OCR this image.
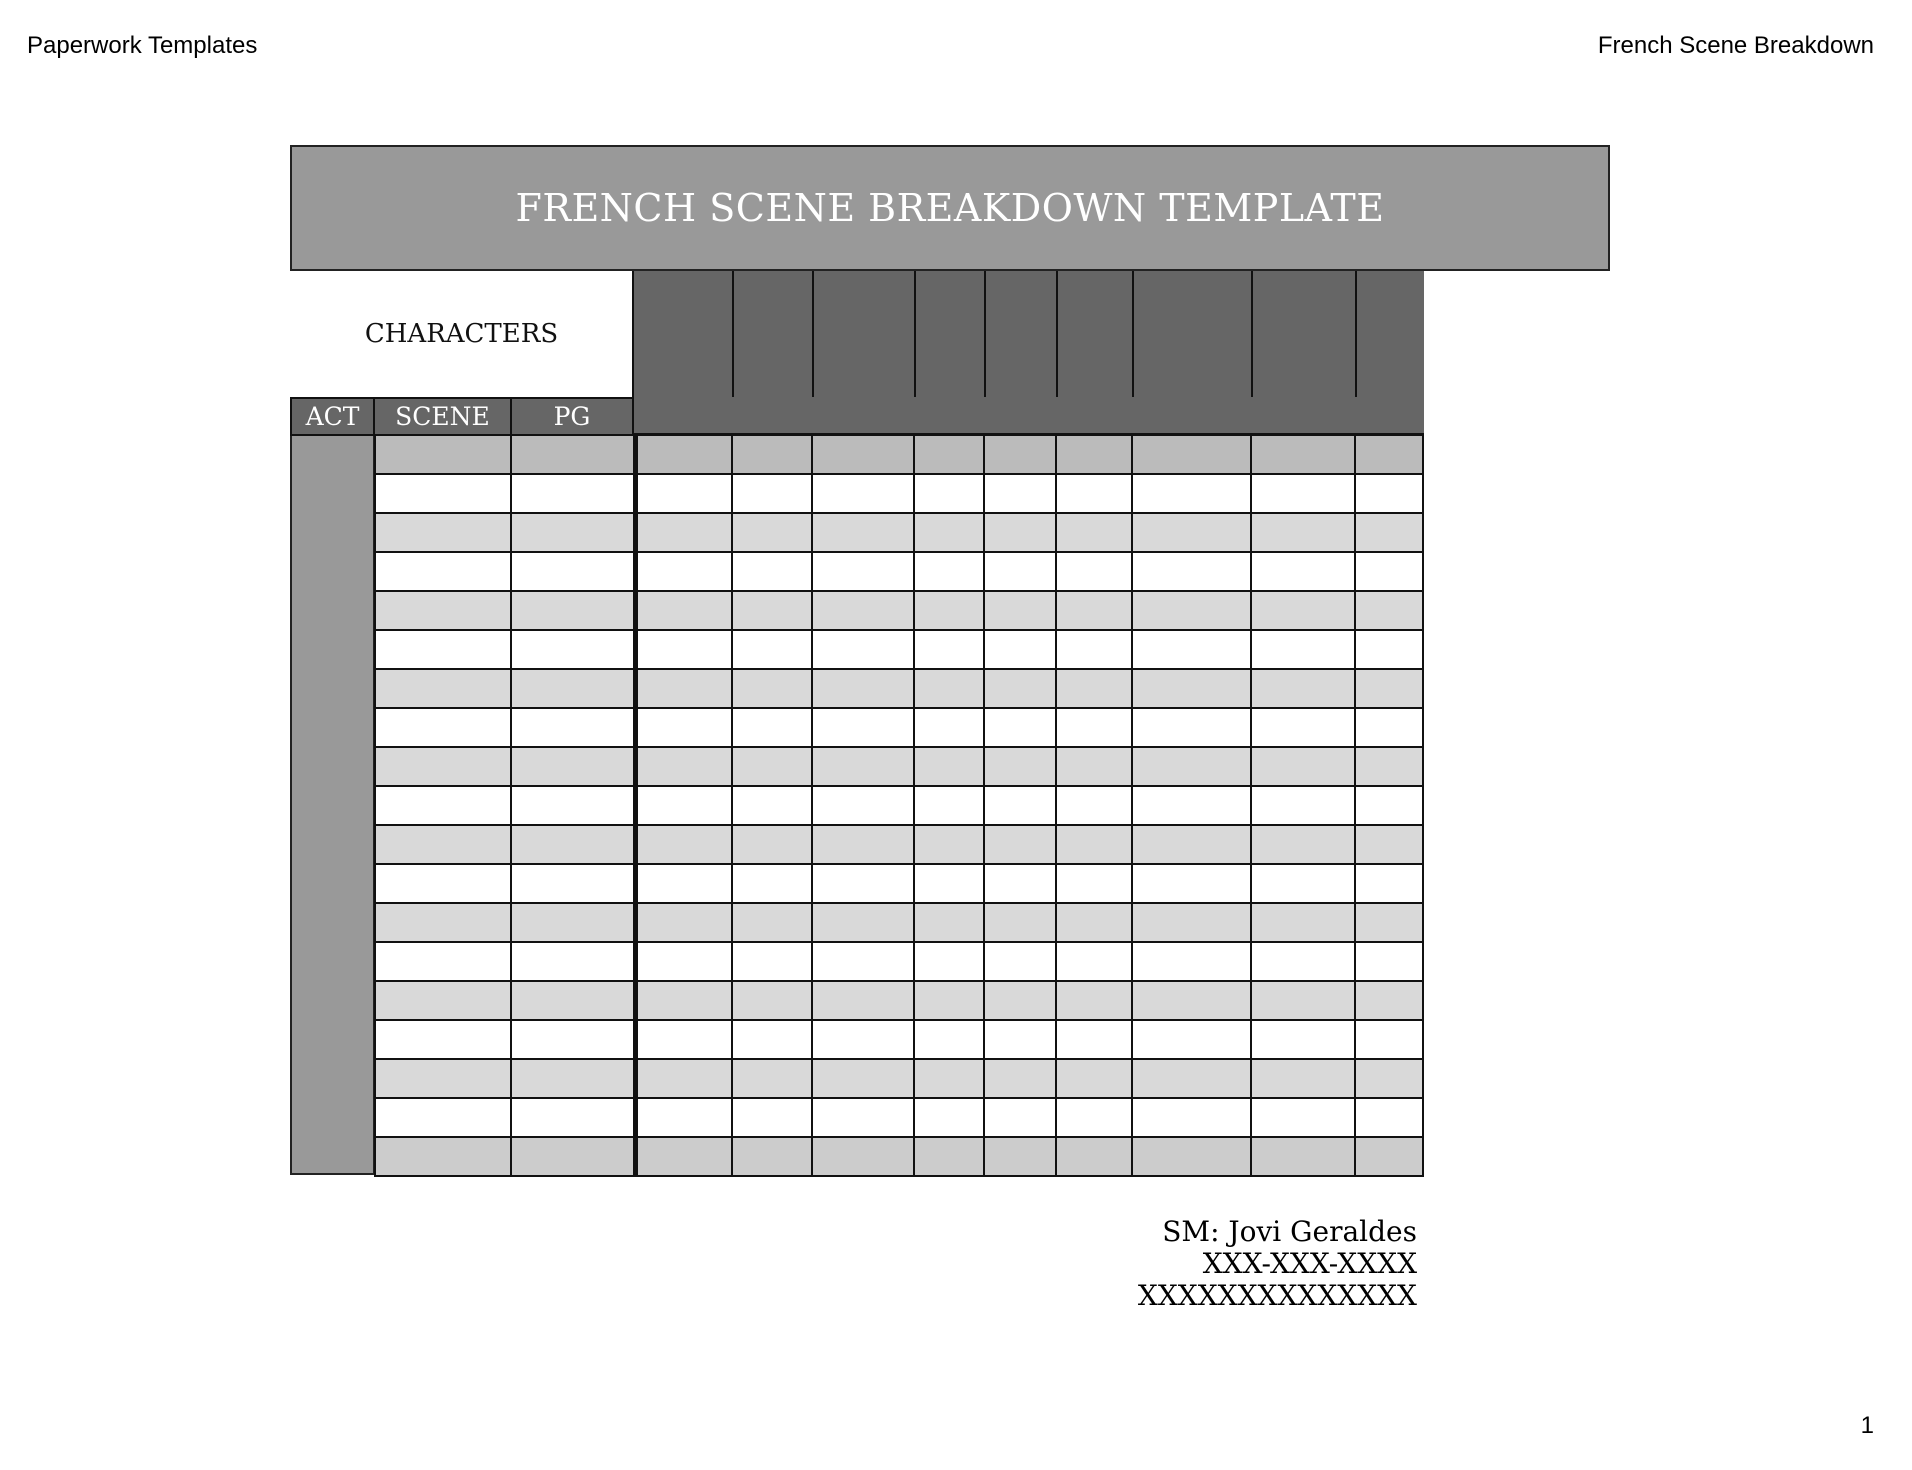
Paperwork Templates	French Scene Breakdown
FRENCH SCENE BREAKDOWN TEMPLATE
CHARACTERS
ACT	SCENE	PG
SM: Jovi Geraldes
XXX-XXX-XXXX
XXXXXXXXXXXXXX
1
